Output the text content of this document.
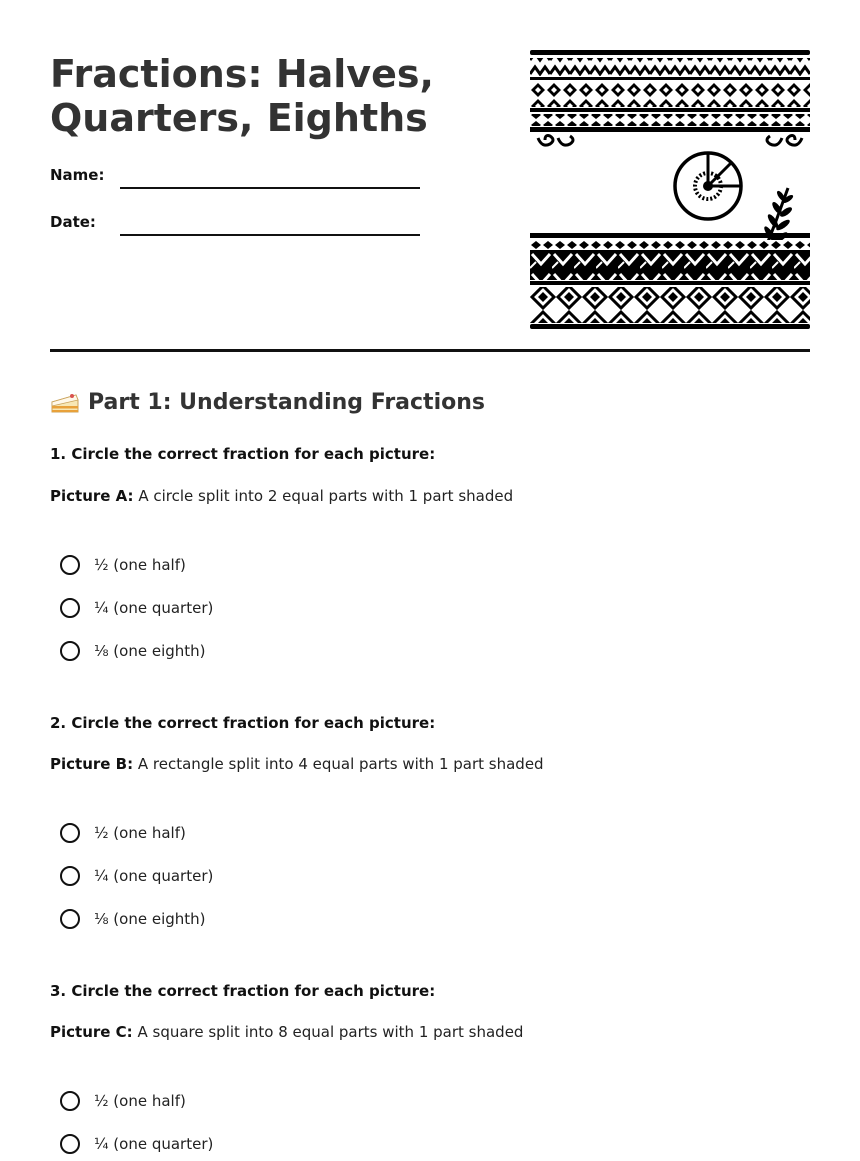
Fractions: Halves, Quarters, Eighths
Name:
Date:
Part 1: Understanding Fractions
1. Circle the correct fraction for each picture:
Picture A: A circle split into 2 equal parts with 1 part shaded
½ (one half)
¼ (one quarter)
⅛ (one eighth)
2. Circle the correct fraction for each picture:
Picture B: A rectangle split into 4 equal parts with 1 part shaded
½ (one half)
¼ (one quarter)
⅛ (one eighth)
3. Circle the correct fraction for each picture:
Picture C: A square split into 8 equal parts with 1 part shaded
½ (one half)
¼ (one quarter)
